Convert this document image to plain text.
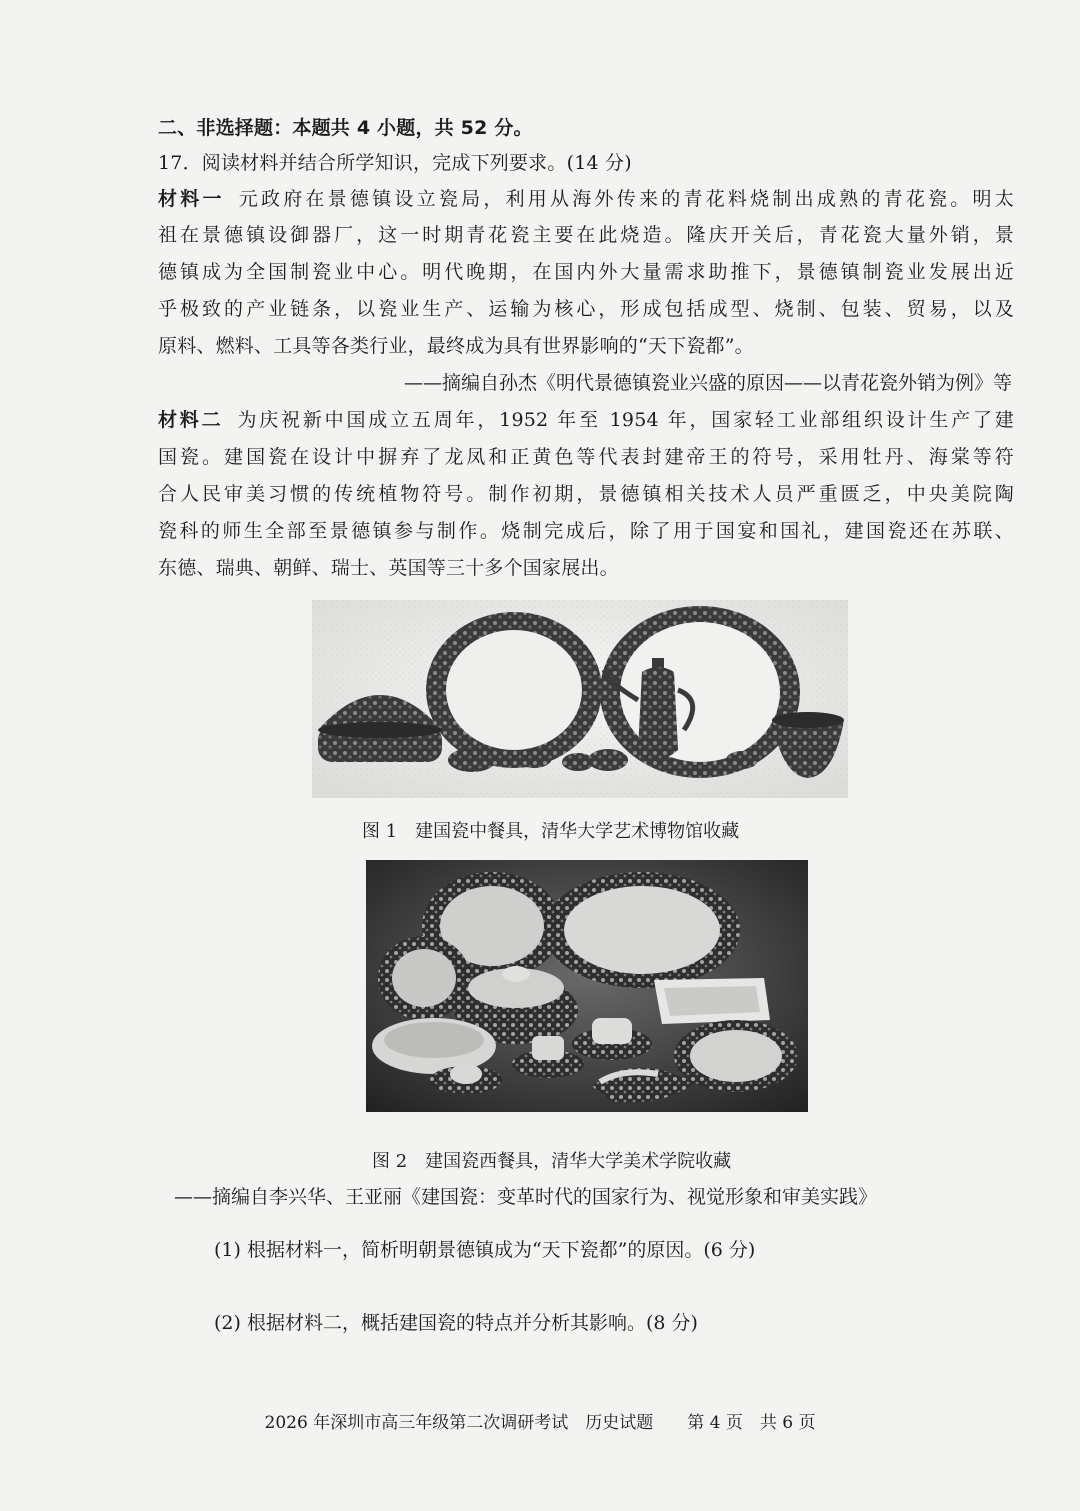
二、非选择题：本题共 4 小题，共 52 分。
17．阅读材料并结合所学知识，完成下列要求。(14 分)
材料一 元政府在景德镇设立瓷局，利用从海外传来的青花料烧制出成熟的青花瓷。明太
祖在景德镇设御器厂，这一时期青花瓷主要在此烧造。隆庆开关后，青花瓷大量外销，景
德镇成为全国制瓷业中心。明代晚期，在国内外大量需求助推下，景德镇制瓷业发展出近
乎极致的产业链条，以瓷业生产、运输为核心，形成包括成型、烧制、包装、贸易，以及
原料、燃料、工具等各类行业，最终成为具有世界影响的“天下瓷都”。
——摘编自孙杰《明代景德镇瓷业兴盛的原因——以青花瓷外销为例》等
材料二 为庆祝新中国成立五周年，1952 年至 1954 年，国家轻工业部组织设计生产了建
国瓷。建国瓷在设计中摒弃了龙凤和正黄色等代表封建帝王的符号，采用牡丹、海棠等符
合人民审美习惯的传统植物符号。制作初期，景德镇相关技术人员严重匮乏，中央美院陶
瓷科的师生全部至景德镇参与制作。烧制完成后，除了用于国宴和国礼，建国瓷还在苏联、
东德、瑞典、朝鲜、瑞士、英国等三十多个国家展出。
图 1　建国瓷中餐具，清华大学艺术博物馆收藏
图 2　建国瓷西餐具，清华大学美术学院收藏
——摘编自李兴华、王亚丽《建国瓷：变革时代的国家行为、视觉形象和审美实践》
(1) 根据材料一，简析明朝景德镇成为“天下瓷都”的原因。(6 分)
(2) 根据材料二，概括建国瓷的特点并分析其影响。(8 分)
2026 年深圳市高三年级第二次调研考试　历史试题　　第 4 页　共 6 页
